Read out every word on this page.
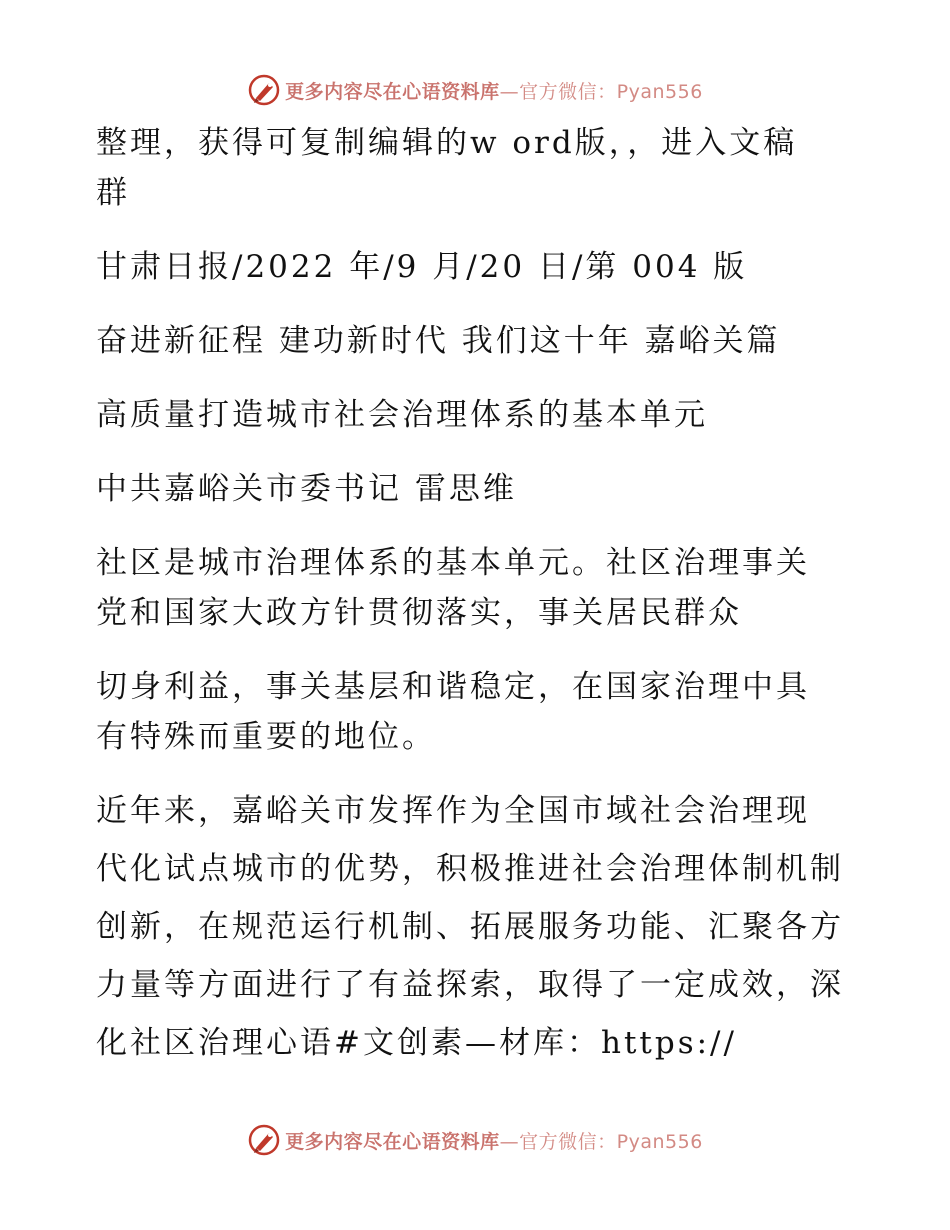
更多内容尽在心语资料库—官方微信：Pyan556
整理，获得可复制编辑的w ord版，，进入文稿
群
甘肃日报/2022 年/9 月/20 日/第 004 版
奋进新征程 建功新时代 我们这十年 嘉峪关篇
高质量打造城市社会治理体系的基本单元
中共嘉峪关市委书记 雷思维
社区是城市治理体系的基本单元。社区治理事关
党和国家大政方针贯彻落实，事关居民群众
切身利益，事关基层和谐稳定，在国家治理中具
有特殊而重要的地位。
近年来，嘉峪关市发挥作为全国市域社会治理现
代化试点城市的优势，积极推进社会治理体制机制
创新，在规范运行机制、拓展服务功能、汇聚各方
力量等方面进行了有益探索，取得了一定成效，深
化社区治理心语#文创素—材库：https://
更多内容尽在心语资料库—官方微信：Pyan556
